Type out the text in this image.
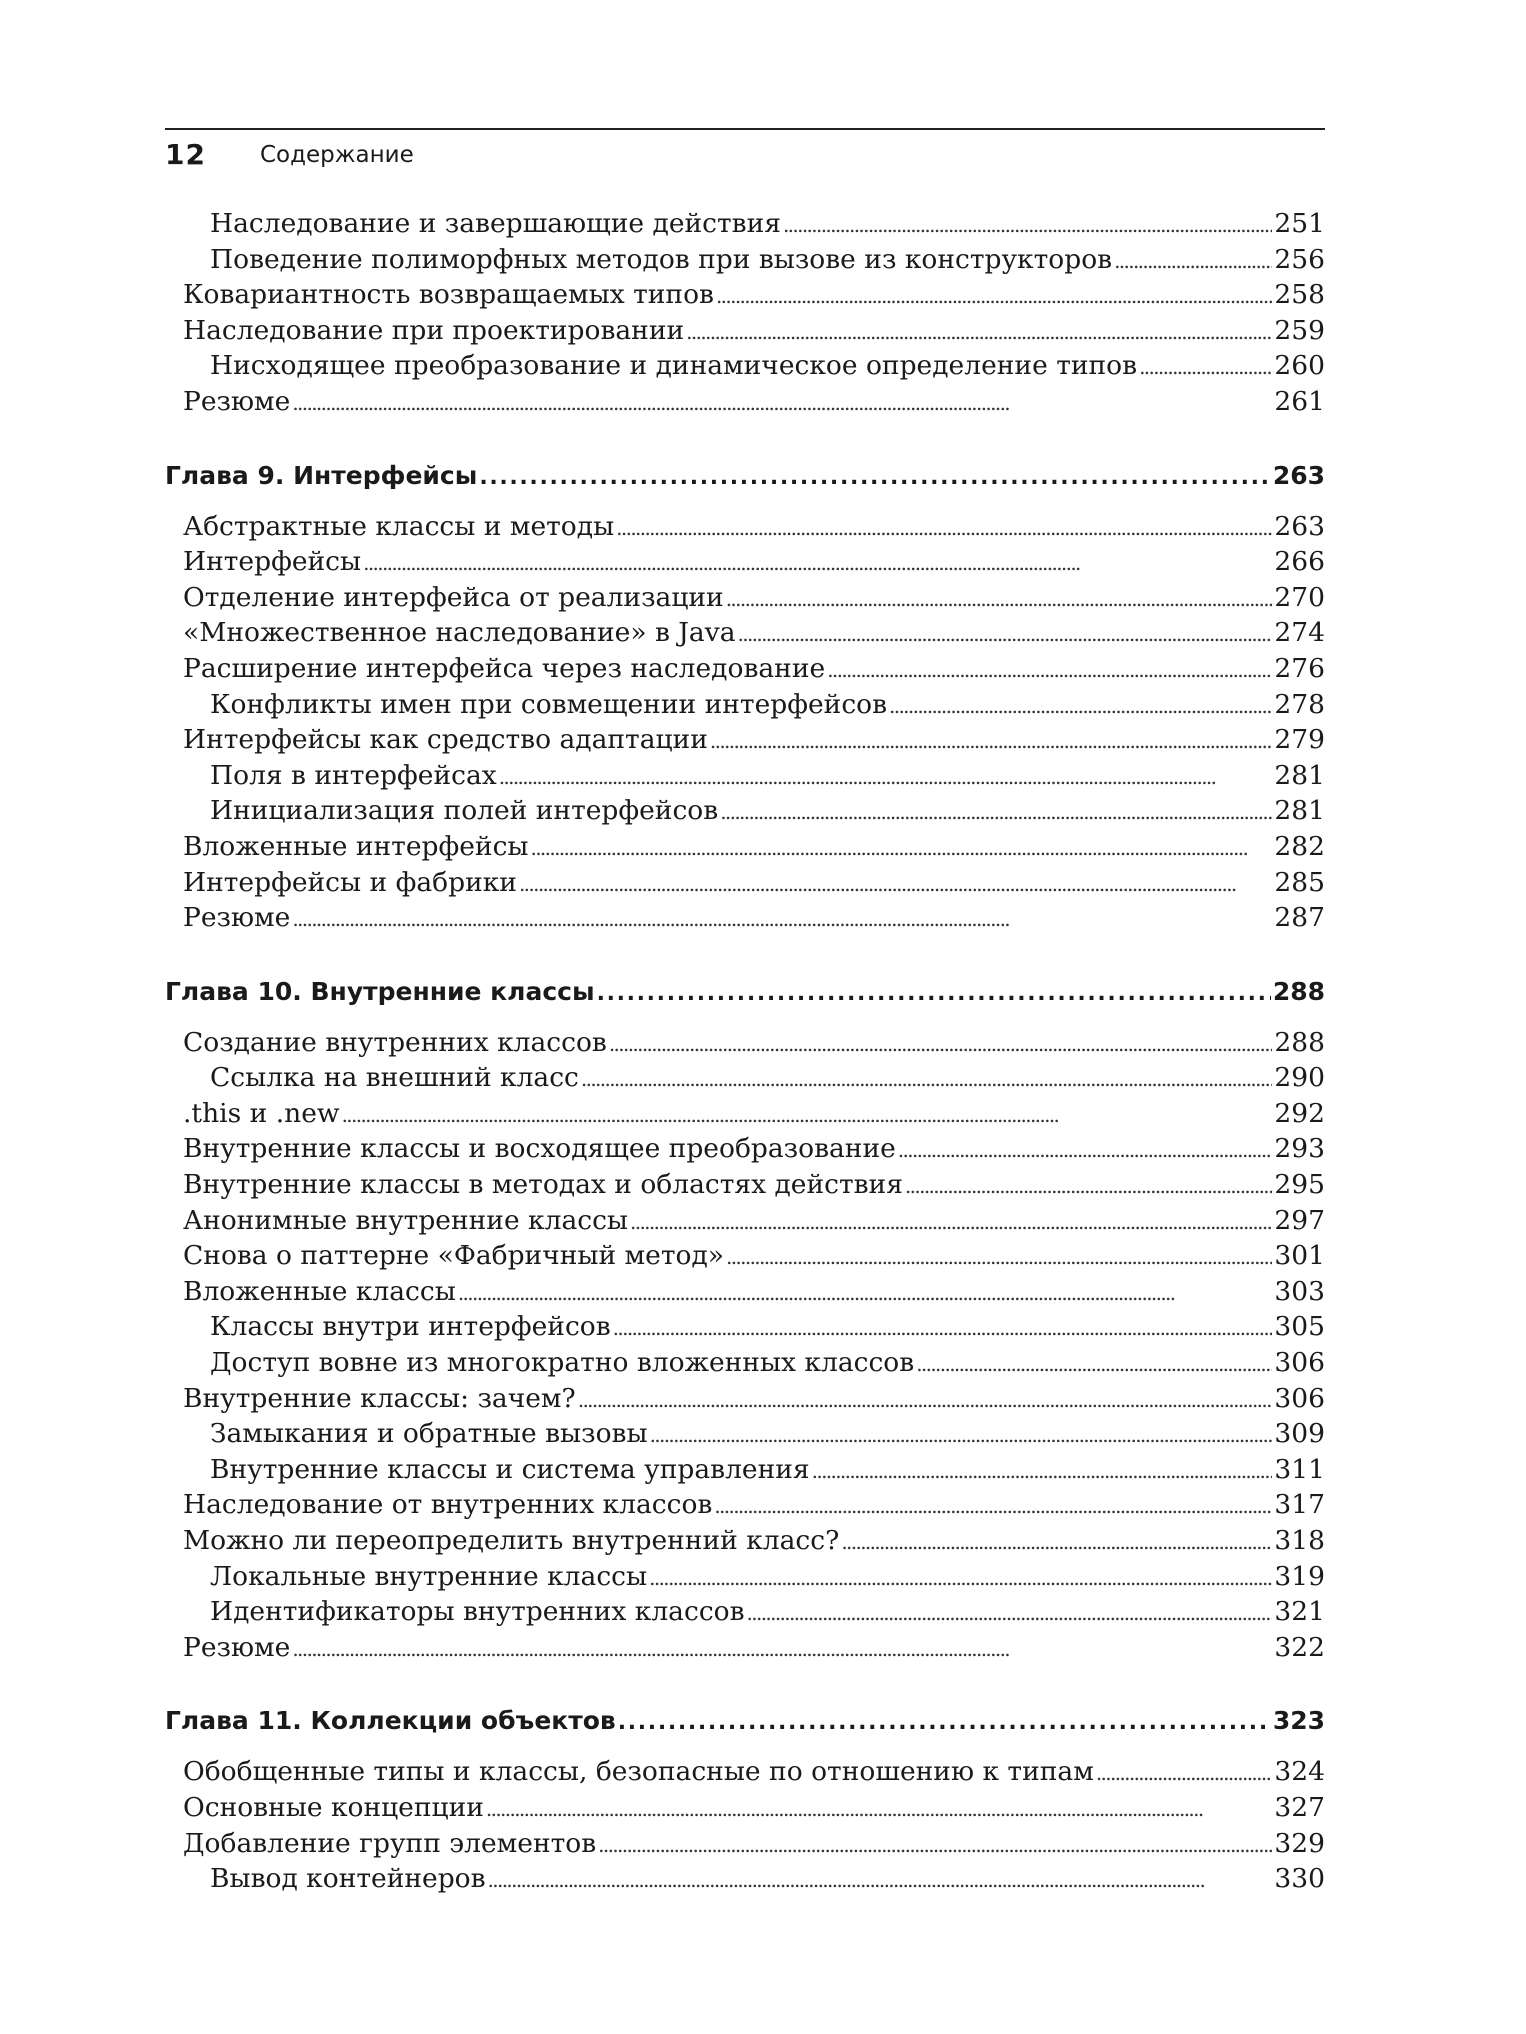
12 Содержание
Наследование и завершающие действия . . .	251
Поведение полиморфных методов при вызове из конструкторов . . .	256
Ковариантность возвращаемых типов . . .	258
Наследование при проектировании . . .	259
Нисходящее преобразование и динамическое определение типов . . .	260
Резюме . . .	261
Глава 9. Интерфейсы . . .	263
Абстрактные классы и методы . . .	263
Интерфейсы . . .	266
Отделение интерфейса от реализации . . .	270
«Множественное наследование» в Java . . .	274
Расширение интерфейса через наследование . . .	276
Конфликты имен при совмещении интерфейсов . . .	278
Интерфейсы как средство адаптации . . .	279
Поля в интерфейсах . . .	281
Инициализация полей интерфейсов . . .	281
Вложенные интерфейсы . . .	282
Интерфейсы и фабрики . . .	285
Резюме . . .	287
Глава 10. Внутренние классы . . .	288
Создание внутренних классов . . .	288
Ссылка на внешний класс . . .	290
.this и .new . . .	292
Внутренние классы и восходящее преобразование . . .	293
Внутренние классы в методах и областях действия . . .	295
Анонимные внутренние классы . . .	297
Снова о паттерне «Фабричный метод» . . .	301
Вложенные классы . . .	303
Классы внутри интерфейсов . . .	305
Доступ вовне из многократно вложенных классов . . .	306
Внутренние классы: зачем? . . .	306
Замыкания и обратные вызовы . . .	309
Внутренние классы и система управления . . .	311
Наследование от внутренних классов . . .	317
Можно ли переопределить внутренний класс? . . .	318
Локальные внутренние классы . . .	319
Идентификаторы внутренних классов . . .	321
Резюме . . .	322
Глава 11. Коллекции объектов . . .	323
Обобщенные типы и классы, безопасные по отношению к типам . . .	324
Основные концепции . . .	327
Добавление групп элементов . . .	329
Вывод контейнеров . . .	330
